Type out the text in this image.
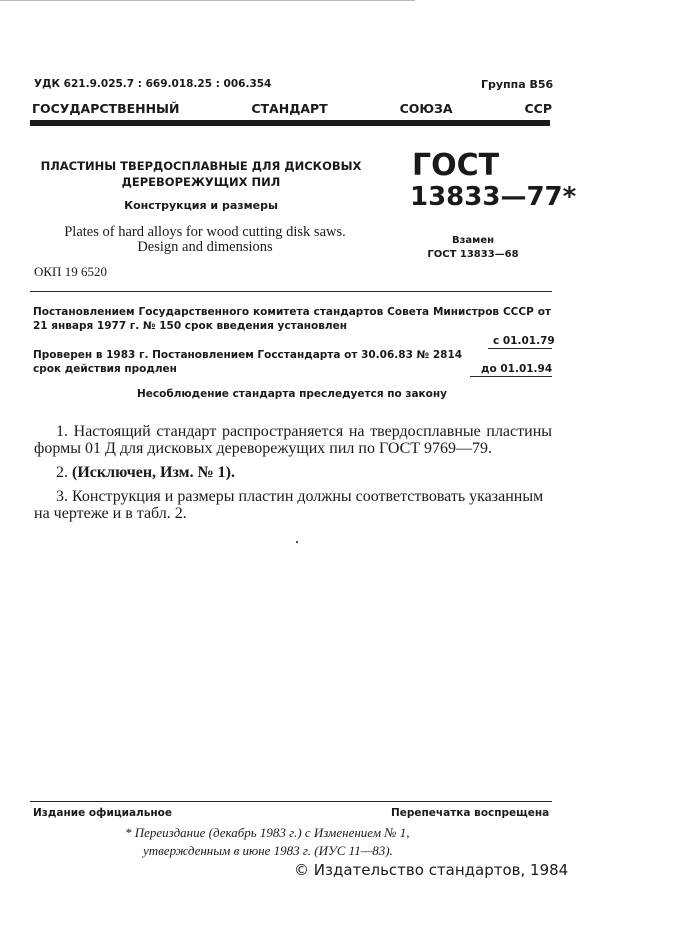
УДК 621.9.025.7 : 669.018.25 : 006.354	Группа В56
ГОСУДАРСТВЕННЫЙ СТАНДАРТ СОЮЗА ССР
ПЛАСТИНЫ ТВЕРДОСПЛАВНЫЕ ДЛЯ ДИСКОВЫХ ДЕРЕВОРЕЖУЩИХ ПИЛ
Конструкция и размеры
ГОСТ
13833—77*
Plates of hard alloys for wood cutting disk saws.
Design and dimensions	Взамен
ГОСТ 13833—68
ОКП 19 6520
Постановлением Государственного комитета стандартов Совета Министров СССР от 21 января 1977 г. № 150 срок введения установлен
с 01.01.79
Проверен в 1983 г. Постановлением Госстандарта от 30.06.83 № 2814 срок действия продлен	до 01.01.94
Несоблюдение стандарта преследуется по закону

1. Настоящий стандарт распространяется на твердосплавные пластины формы 01 Д для дисковых дереворежущих пил по ГОСТ 9769—79.

2. (Исключен, Изм. № 1).

3. Конструкция и размеры пластин должны соответствовать указанным на чертеже и в табл. 2.

Издание официальное	Перепечатка воспрещена
* Переиздание (декабрь 1983 г.) с Изменением № 1,
утвержденным в июне 1983 г. (ИУС 11—83).
© Издательство стандартов, 1984
